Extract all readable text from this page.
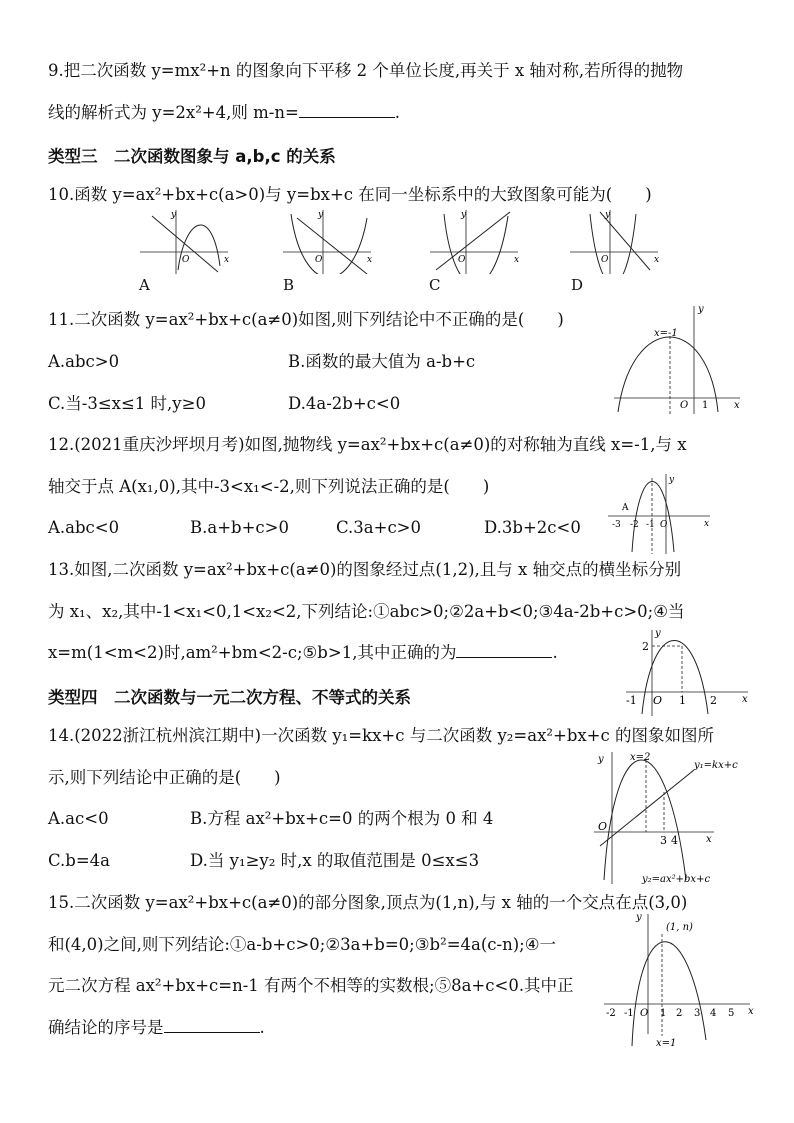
9.把二次函数 y=mx²+n 的图象向下平移 2 个单位长度,再关于 x 轴对称,若所得的抛物
线的解析式为 y=2x²+4,则 m-n=	.
类型三　二次函数图象与 a,b,c 的关系
10.函数 y=ax²+bx+c(a>0)与 y=bx+c 在同一坐标系中的大致图象可能为(　　)
y
x
O
y
x
O
y
x
O
y
x
O
A	B	C	D
11.二次函数 y=ax²+bx+c(a≠0)如图,则下列结论中不正确的是(　　)
A.abc>0	B.函数的最大值为 a-b+c
C.当-3≤x≤1 时,y≥0	D.4a-2b+c<0
y
x
x=-1
O 1
12.(2021重庆沙坪坝月考)如图,抛物线 y=ax²+bx+c(a≠0)的对称轴为直线 x=-1,与 x
轴交于点 A(x₁,0),其中-3<x₁<-2,则下列说法正确的是(　　)
A.abc<0	B.a+b+c>0	C.3a+c>0	D.3b+2c<0
y
x
A
-3 -2 -1 O
13.如图,二次函数 y=ax²+bx+c(a≠0)的图象经过点(1,2),且与 x 轴交点的横坐标分别
为 x₁、x₂,其中-1<x₁<0,1<x₂<2,下列结论:①abc>0;②2a+b<0;③4a-2b+c>0;④当
x=m(1<m<2)时,am²+bm<2-c;⑤b>1,其中正确的为	.
y
x
2
-1 O 1 2
类型四　二次函数与一元二次方程、不等式的关系
14.(2022浙江杭州滨江期中)一次函数 y₁=kx+c 与二次函数 y₂=ax²+bx+c 的图象如图所
示,则下列结论中正确的是(　　)
A.ac<0	B.方程 ax²+bx+c=0 的两个根为 0 和 4
C.b=4a	D.当 y₁≥y₂ 时,x 的取值范围是 0≤x≤3
y
x
x=2
y₁=kx+c
y₂=ax²+bx+c
O
3 4
15.二次函数 y=ax²+bx+c(a≠0)的部分图象,顶点为(1,n),与 x 轴的一个交点在点(3,0)
和(4,0)之间,则下列结论:①a-b+c>0;②3a+b=0;③b²=4a(c-n);④一
元二次方程 ax²+bx+c=n-1 有两个不相等的实数根;⑤8a+c<0.其中正
确结论的序号是	.
y
x
(1, n)
x=1
-2 -1 O 1 2 3 4 5
